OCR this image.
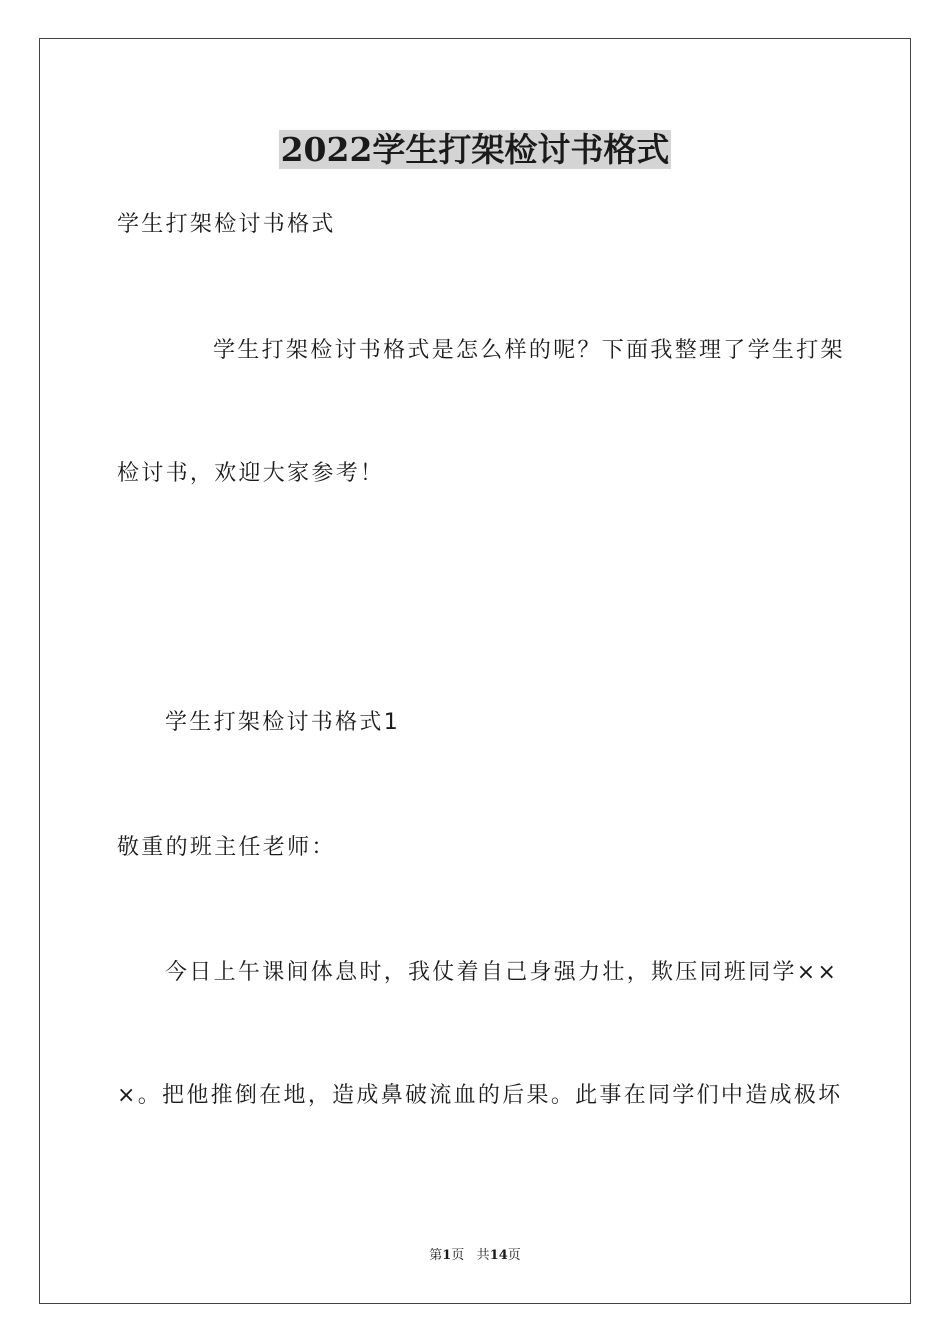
2022学生打架检讨书格式
学生打架检讨书格式
学生打架检讨书格式是怎么样的呢？下面我整理了学生打架
检讨书，欢迎大家参考！
学生打架检讨书格式1
敬重的班主任老师：
今日上午课间体息时，我仗着自己身强力壮，欺压同班同学××
×。把他推倒在地，造成鼻破流血的后果。此事在同学们中造成极坏
第1页 共14页
